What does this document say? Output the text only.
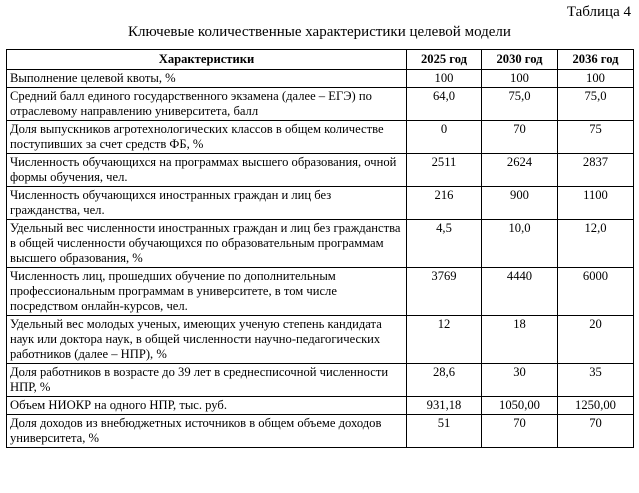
Таблица 4
Ключевые количественные характеристики целевой модели
Характеристики	2025 год	2030 год	2036 год
Выполнение целевой квоты, %	100	100	100
Средний балл единого государственного экзамена (далее – ЕГЭ) по отраслевому направлению университета, балл	64,0	75,0	75,0
Доля выпускников агротехнологических классов в общем количестве поступивших за счет средств ФБ, %	0	70	75
Численность обучающихся на программах высшего образования, очной формы обучения, чел.	2511	2624	2837
Численность обучающихся иностранных граждан и лиц без гражданства, чел.	216	900	1100
Удельный вес численности иностранных граждан и лиц без гражданства в общей численности обучающихся по образовательным программам высшего образования, %	4,5	10,0	12,0
Численность лиц, прошедших обучение по дополнительным профессиональным программам в университете, в том числе посредством онлайн-курсов, чел.	3769	4440	6000
Удельный вес молодых ученых, имеющих ученую степень кандидата наук или доктора наук, в общей численности научно-педагогических работников (далее – НПР), %	12	18	20
Доля работников в возрасте до 39 лет в среднесписочной численности НПР, %	28,6	30	35
Объем НИОКР на одного НПР, тыс. руб.	931,18	1050,00	1250,00
Доля доходов из внебюджетных источников в общем объеме доходов университета, %	51	70	70
